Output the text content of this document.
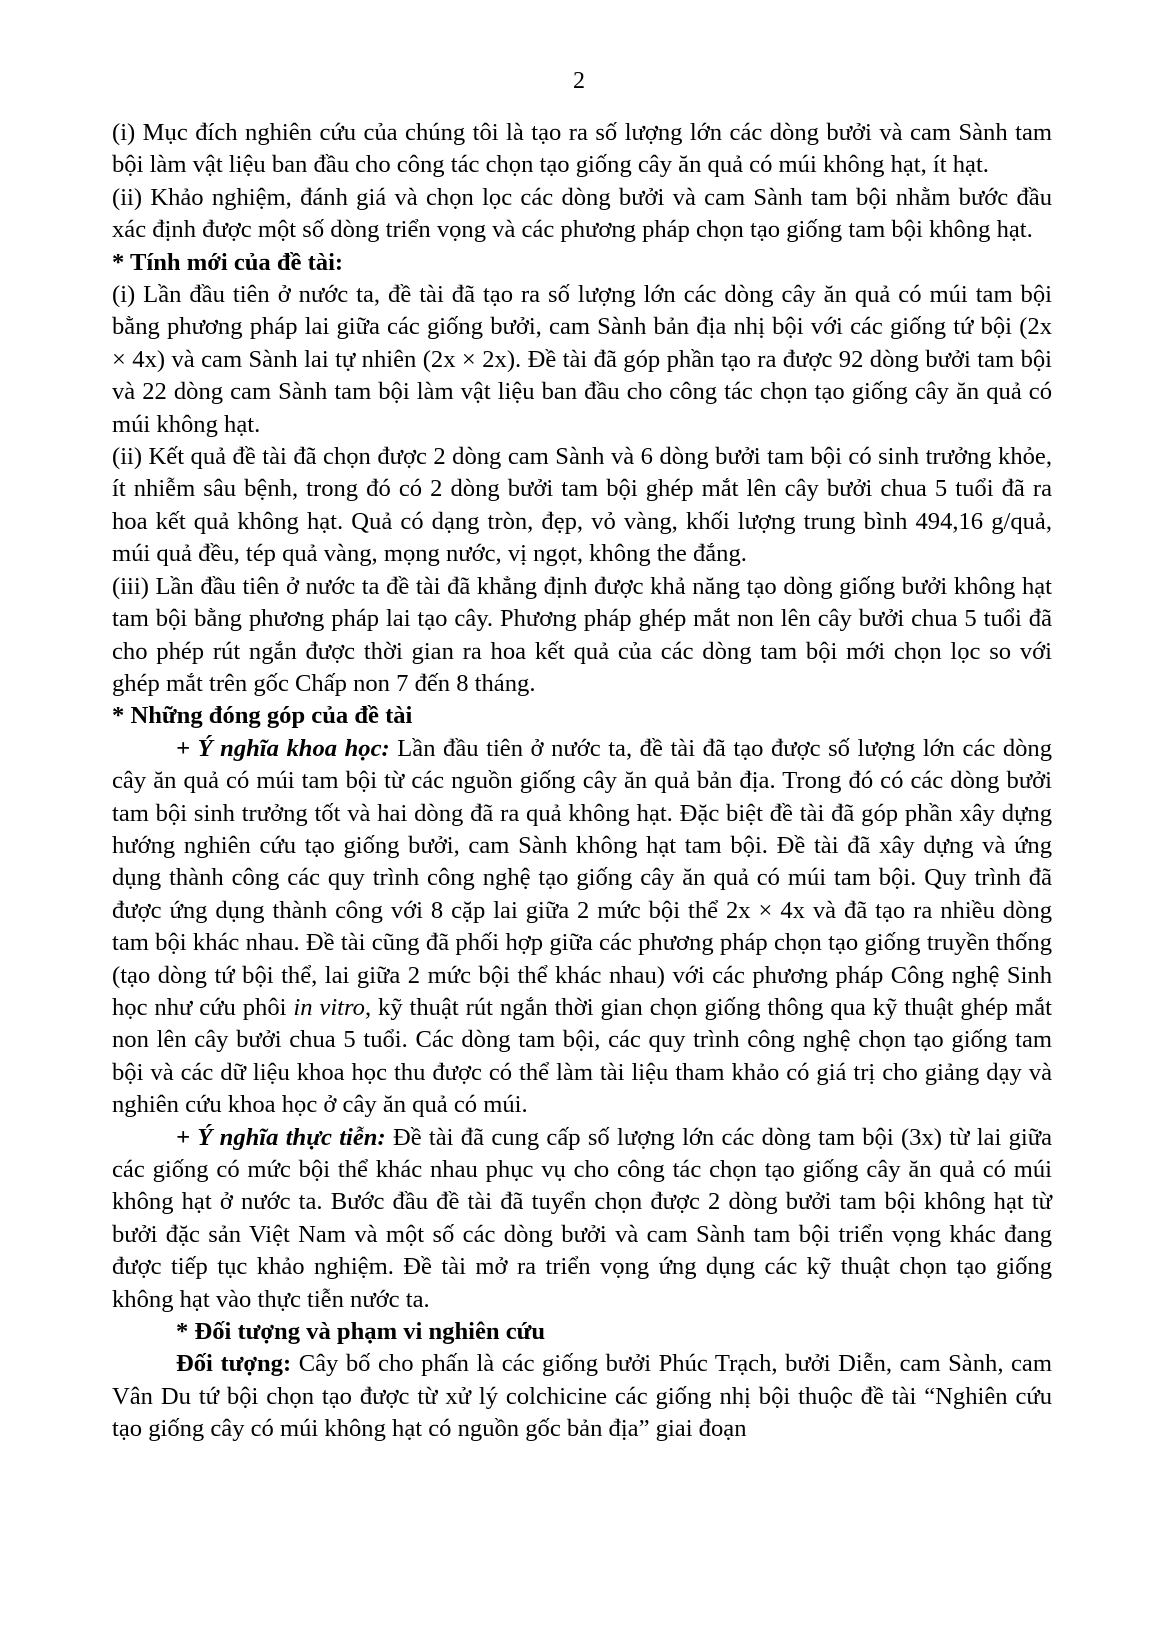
2

(i) Mục đích nghiên cứu của chúng tôi là tạo ra số lượng lớn các dòng bưởi và cam Sành tam bội làm vật liệu ban đầu cho công tác chọn tạo giống cây ăn quả có múi không hạt, ít hạt.

(ii) Khảo nghiệm, đánh giá và chọn lọc các dòng bưởi và cam Sành tam bội nhằm bước đầu xác định được một số dòng triển vọng và các phương pháp chọn tạo giống tam bội không hạt.

* Tính mới của đề tài:

(i) Lần đầu tiên ở nước ta, đề tài đã tạo ra số lượng lớn các dòng cây ăn quả có múi tam bội bằng phương pháp lai giữa các giống bưởi, cam Sành bản địa nhị bội với các giống tứ bội (2x × 4x) và cam Sành lai tự nhiên (2x × 2x). Đề tài đã góp phần tạo ra được 92 dòng bưởi tam bội và 22 dòng cam Sành tam bội làm vật liệu ban đầu cho công tác chọn tạo giống cây ăn quả có múi không hạt.

(ii) Kết quả đề tài đã chọn được 2 dòng cam Sành và 6 dòng bưởi tam bội có sinh trưởng khỏe, ít nhiễm sâu bệnh, trong đó có 2 dòng bưởi tam bội ghép mắt lên cây bưởi chua 5 tuổi đã ra hoa kết quả không hạt. Quả có dạng tròn, đẹp, vỏ vàng, khối lượng trung bình 494,16 g/quả, múi quả đều, tép quả vàng, mọng nước, vị ngọt, không the đắng.

(iii) Lần đầu tiên ở nước ta đề tài đã khẳng định được khả năng tạo dòng giống bưởi không hạt tam bội bằng phương pháp lai tạo cây. Phương pháp ghép mắt non lên cây bưởi chua 5 tuổi đã cho phép rút ngắn được thời gian ra hoa kết quả của các dòng tam bội mới chọn lọc so với ghép mắt trên gốc Chấp non 7 đến 8 tháng.

* Những đóng góp của đề tài

+ Ý nghĩa khoa học: Lần đầu tiên ở nước ta, đề tài đã tạo được số lượng lớn các dòng cây ăn quả có múi tam bội từ các nguồn giống cây ăn quả bản địa. Trong đó có các dòng bưởi tam bội sinh trưởng tốt và hai dòng đã ra quả không hạt. Đặc biệt đề tài đã góp phần xây dựng hướng nghiên cứu tạo giống bưởi, cam Sành không hạt tam bội. Đề tài đã xây dựng và ứng dụng thành công các quy trình công nghệ tạo giống cây ăn quả có múi tam bội. Quy trình đã được ứng dụng thành công với 8 cặp lai giữa 2 mức bội thể 2x × 4x và đã tạo ra nhiều dòng tam bội khác nhau. Đề tài cũng đã phối hợp giữa các phương pháp chọn tạo giống truyền thống (tạo dòng tứ bội thể, lai giữa 2 mức bội thể khác nhau) với các phương pháp Công nghệ Sinh học như cứu phôi in vitro, kỹ thuật rút ngắn thời gian chọn giống thông qua kỹ thuật ghép mắt non lên cây bưởi chua 5 tuổi. Các dòng tam bội, các quy trình công nghệ chọn tạo giống tam bội và các dữ liệu khoa học thu được có thể làm tài liệu tham khảo có giá trị cho giảng dạy và nghiên cứu khoa học ở cây ăn quả có múi.

+ Ý nghĩa thực tiễn: Đề tài đã cung cấp số lượng lớn các dòng tam bội (3x) từ lai giữa các giống có mức bội thể khác nhau phục vụ cho công tác chọn tạo giống cây ăn quả có múi không hạt ở nước ta. Bước đầu đề tài đã tuyển chọn được 2 dòng bưởi tam bội không hạt từ bưởi đặc sản Việt Nam và một số các dòng bưởi và cam Sành tam bội triển vọng khác đang được tiếp tục khảo nghiệm. Đề tài mở ra triển vọng ứng dụng các kỹ thuật chọn tạo giống không hạt vào thực tiễn nước ta.

* Đối tượng và phạm vi nghiên cứu

Đối tượng: Cây bố cho phấn là các giống bưởi Phúc Trạch, bưởi Diễn, cam Sành, cam Vân Du tứ bội chọn tạo được từ xử lý colchicine các giống nhị bội thuộc đề tài “Nghiên cứu tạo giống cây có múi không hạt có nguồn gốc bản địa” giai đoạn
